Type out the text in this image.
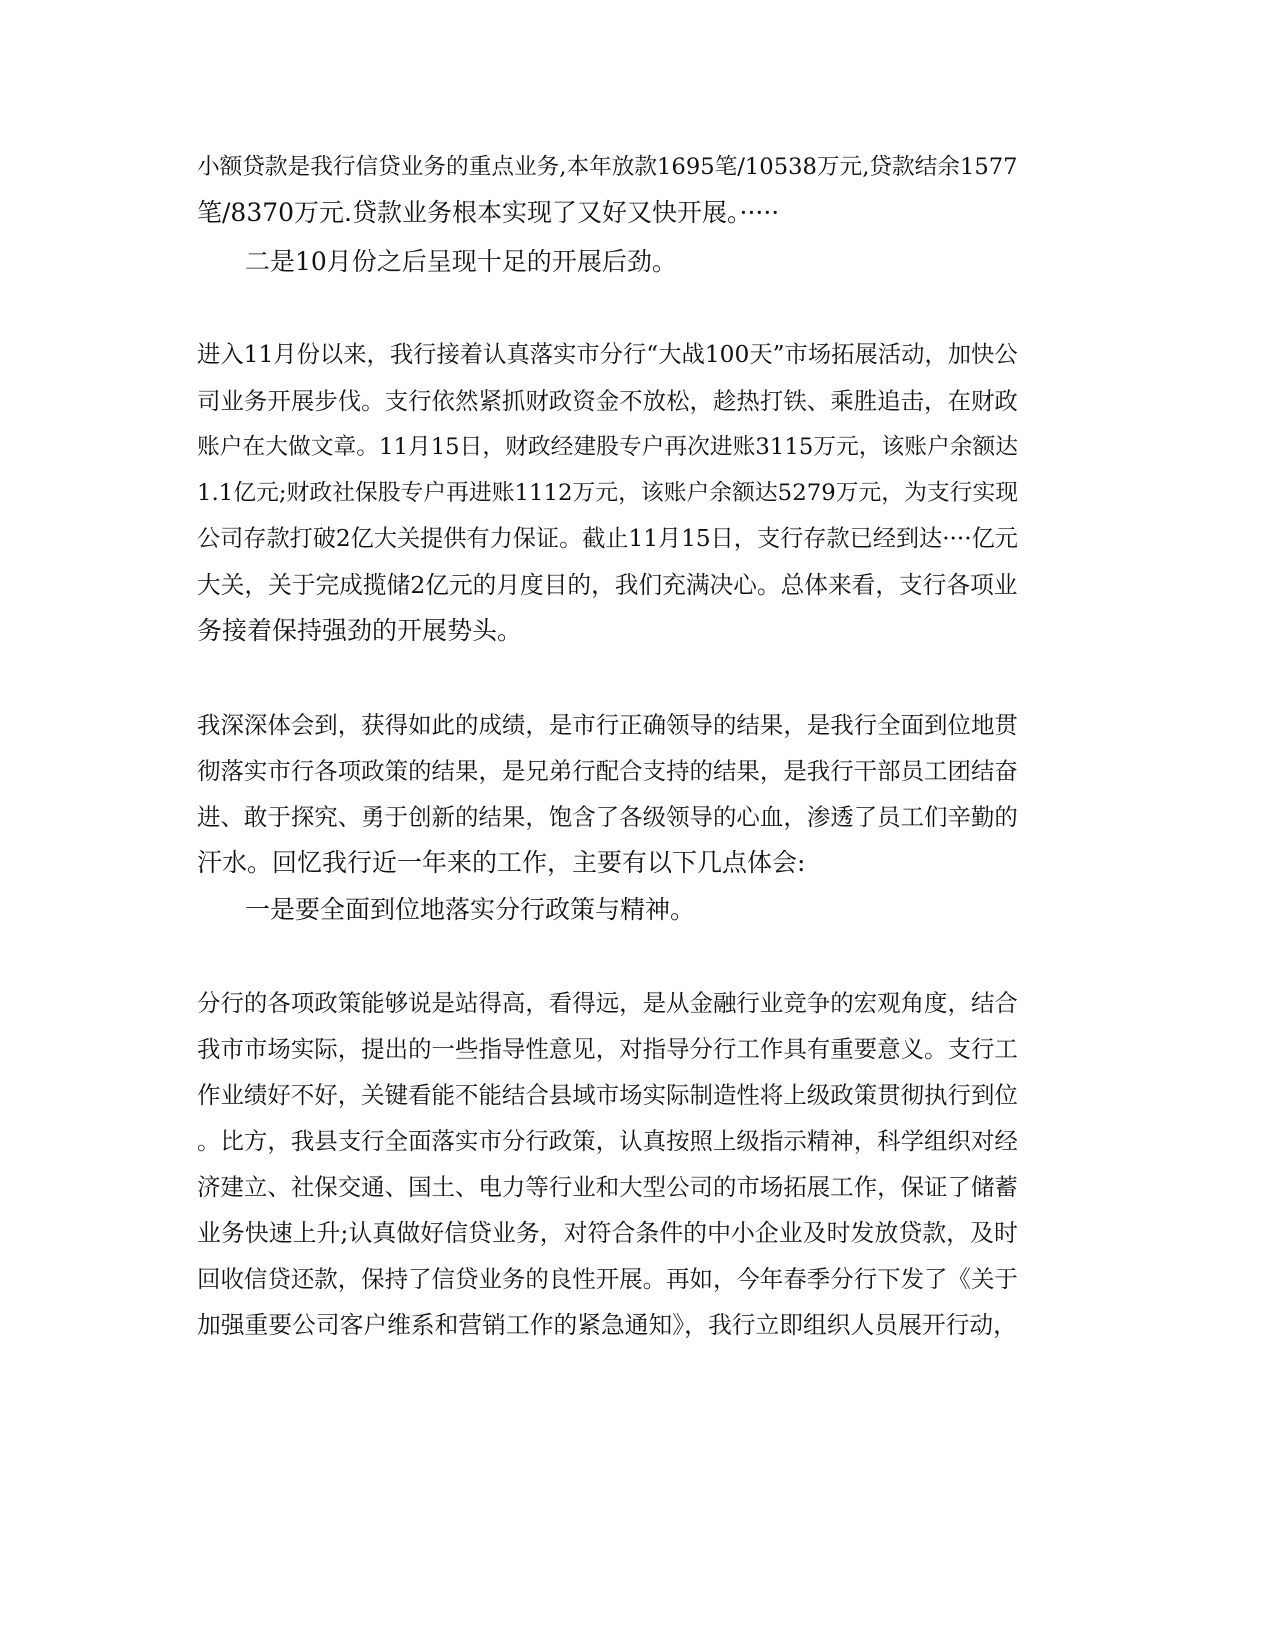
小额贷款是我行信贷业务的重点业务,本年放款1695笔/10538万元,贷款结余1577
笔/8370万元.贷款业务根本实现了又好又快开展。·····
二是10月份之后呈现十足的开展后劲。
进入11月份以来，我行接着认真落实市分行“大战100天”市场拓展活动，加快公
司业务开展步伐。支行依然紧抓财政资金不放松，趁热打铁、乘胜追击，在财政
账户在大做文章。11月15日，财政经建股专户再次进账3115万元，该账户余额达
1.1亿元;财政社保股专户再进账1112万元，该账户余额达5279万元，为支行实现
公司存款打破2亿大关提供有力保证。截止11月15日，支行存款已经到达····亿元
大关，关于完成揽储2亿元的月度目的，我们充满决心。总体来看，支行各项业
务接着保持强劲的开展势头。
我深深体会到，获得如此的成绩，是市行正确领导的结果，是我行全面到位地贯
彻落实市行各项政策的结果，是兄弟行配合支持的结果，是我行干部员工团结奋
进、敢于探究、勇于创新的结果，饱含了各级领导的心血，渗透了员工们辛勤的
汗水。回忆我行近一年来的工作，主要有以下几点体会:
一是要全面到位地落实分行政策与精神。
分行的各项政策能够说是站得高，看得远，是从金融行业竞争的宏观角度，结合
我市市场实际，提出的一些指导性意见，对指导分行工作具有重要意义。支行工
作业绩好不好，关键看能不能结合县域市场实际制造性将上级政策贯彻执行到位
。比方，我县支行全面落实市分行政策，认真按照上级指示精神，科学组织对经
济建立、社保交通、国土、电力等行业和大型公司的市场拓展工作，保证了储蓄
业务快速上升;认真做好信贷业务，对符合条件的中小企业及时发放贷款，及时
回收信贷还款，保持了信贷业务的良性开展。再如，今年春季分行下发了《关于
加强重要公司客户维系和营销工作的紧急通知》，我行立即组织人员展开行动，
